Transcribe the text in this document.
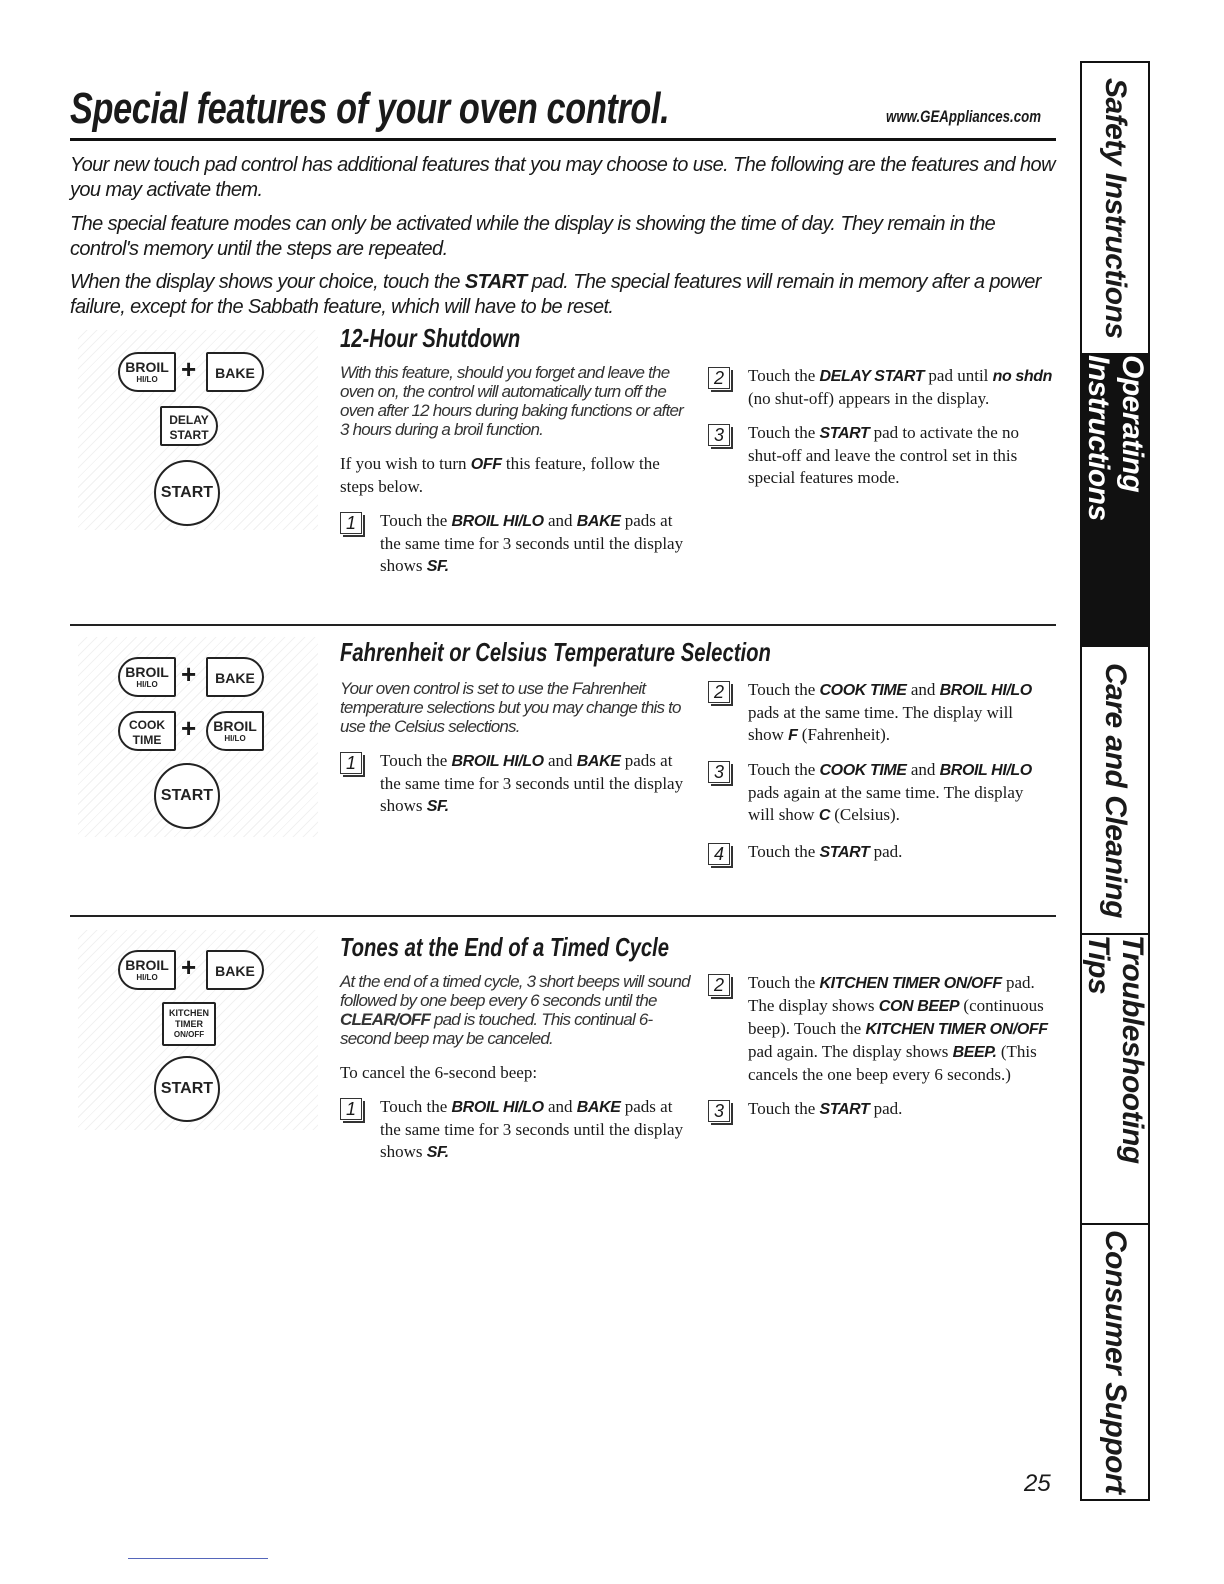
Special features of your oven control.	www.GEAppliances.com

Your new touch pad control has additional features that you may choose to use. The following are the features and how you may activate them.

The special feature modes can only be activated while the display is showing the time of day. They remain in the control's memory until the steps are repeated.

When the display shows your choice, touch the START pad. The special features will remain in memory after a power failure, except for the Sabbath feature, which will have to be reset.

BROIL
HI/LO +	BAKE
DELAY
START
START
12-Hour Shutdown

With this feature, should you forget and leave the oven on, the control will automatically turn off the oven after 12 hours during baking functions or after 3 hours during a broil function.

If you wish to turn OFF this feature, follow the steps below.

1	Touch the BROIL HI/LO and BAKE pads at the same time for 3 seconds until the display shows SF.
2	Touch the DELAY START pad until no shdn (no shut-off) appears in the display.
3	Touch the START pad to activate the no shut-off and leave the control set in this special features mode.
BROIL
HI/LO +	BAKE
COOK
TIME +	BROIL
HI/LO
START
Fahrenheit or Celsius Temperature Selection

Your oven control is set to use the Fahrenheit temperature selections but you may change this to use the Celsius selections.

1	Touch the BROIL HI/LO and BAKE pads at the same time for 3 seconds until the display shows SF.
2	Touch the COOK TIME and BROIL HI/LO pads at the same time. The display will show F (Fahrenheit).
3	Touch the COOK TIME and BROIL HI/LO pads again at the same time. The display will show C (Celsius).
4	Touch the START pad.
BROIL
HI/LO +	BAKE
KITCHEN
TIMER
ON/OFF
START
Tones at the End of a Timed Cycle

At the end of a timed cycle, 3 short beeps will sound followed by one beep every 6 seconds until the CLEAR/OFF pad is touched. This continual 6-second beep may be canceled.

To cancel the 6-second beep:

1	Touch the BROIL HI/LO and BAKE pads at the same time for 3 seconds until the display shows SF.
2	Touch the KITCHEN TIMER ON/OFF pad. The display shows CON BEEP (continuous beep). Touch the KITCHEN TIMER ON/OFF pad again. The display shows BEEP. (This cancels the one beep every 6 seconds.)
3	Touch the START pad.
Safety Instructions
Operating Instructions
Care and Cleaning
Troubleshooting Tips
Consumer Support
25
